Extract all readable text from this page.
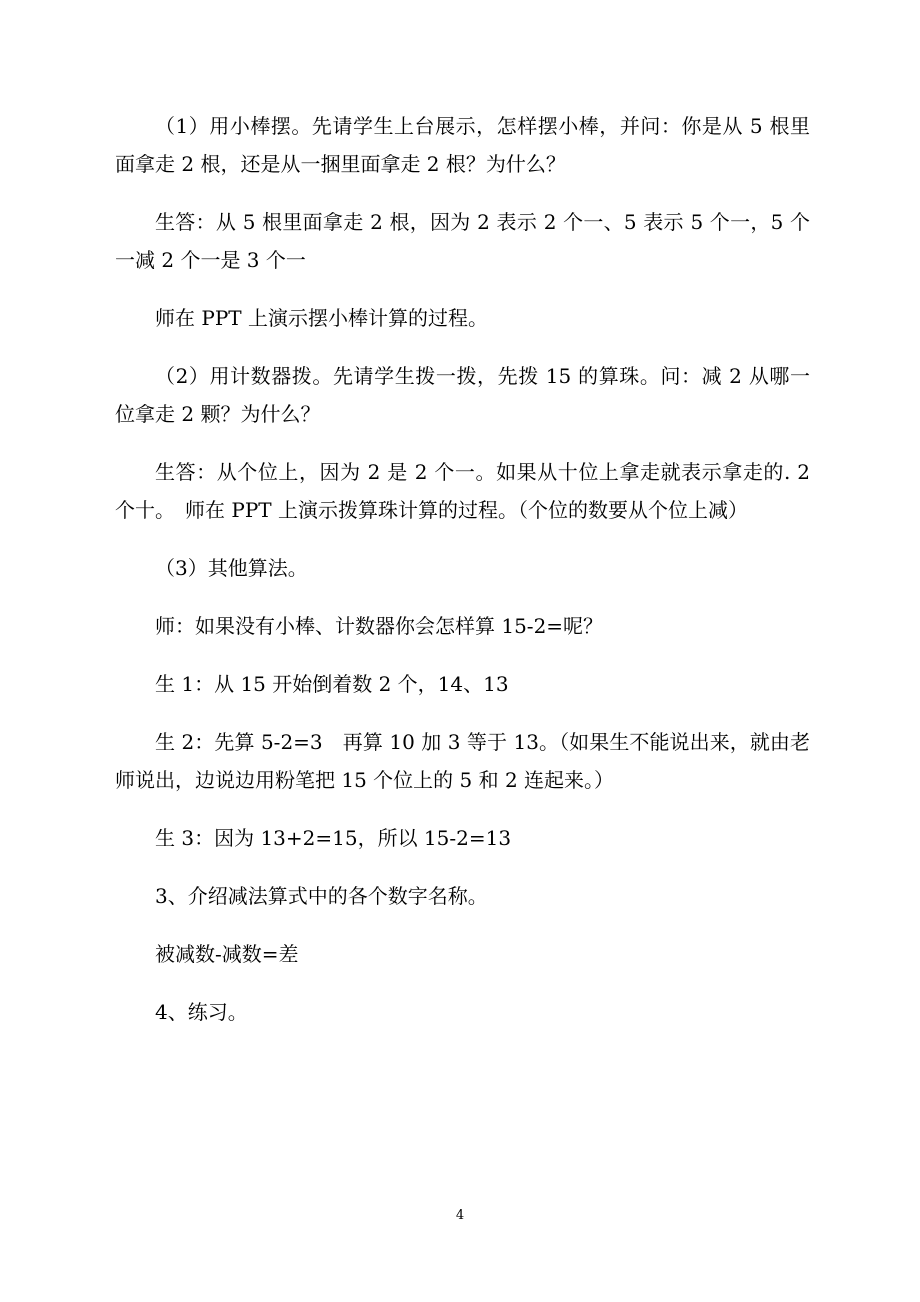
（1）用小棒摆。先请学生上台展示，怎样摆小棒，并问：你是从 5 根里面拿走 2 根，还是从一捆里面拿走 2 根？为什么？

生答：从 5 根里面拿走 2 根，因为 2 表示 2 个一、5 表示 5 个一，5 个一减 2 个一是 3 个一

师在 PPT 上演示摆小棒计算的过程。

（2）用计数器拨。先请学生拨一拨，先拨 15 的算珠。问：减 2 从哪一位拿走 2 颗？为什么？

生答：从个位上，因为 2 是 2 个一。如果从十位上拿走就表示拿走的. 2 个十。　师在 PPT 上演示拨算珠计算的过程。（个位的数要从个位上减）

（3）其他算法。

师：如果没有小棒、计数器你会怎样算 15-2=呢？

生 1：从 15 开始倒着数 2 个，14、13

生 2：先算 5-2=3　再算 10 加 3 等于 13。（如果生不能说出来，就由老师说出，边说边用粉笔把 15 个位上的 5 和 2 连起来。）

生 3：因为 13+2=15，所以 15-2=13

3、介绍减法算式中的各个数字名称。

被减数-减数=差

4、练习。

4
